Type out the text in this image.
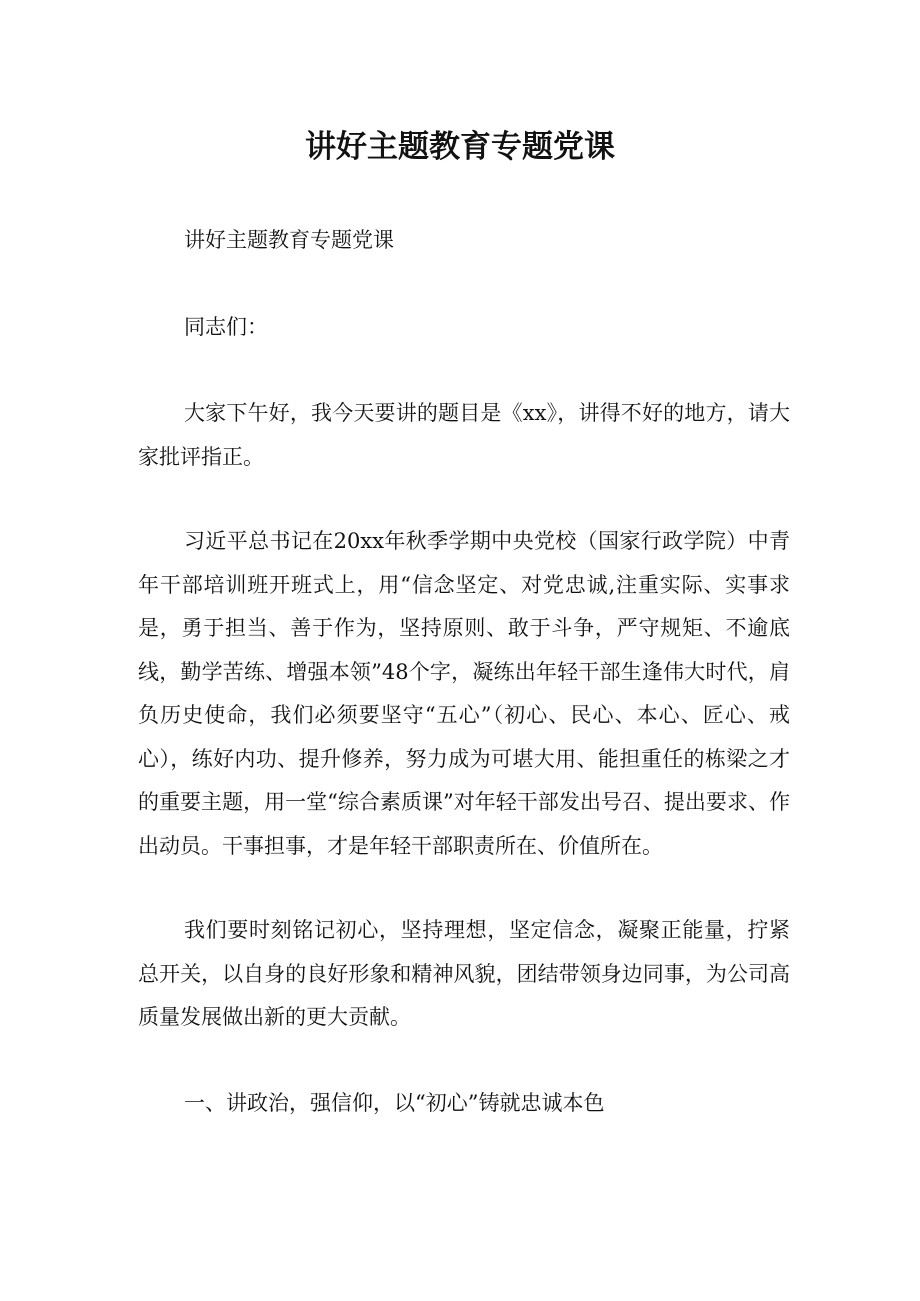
讲好主题教育专题党课

讲好主题教育专题党课

同志们：

大家下午好，我今天要讲的题目是《xx》，讲得不好的地方，请大家批评指正。

习近平总书记在20xx年秋季学期中央党校（国家行政学院）中青年干部培训班开班式上，用“信念坚定、对党忠诚,注重实际、实事求是，勇于担当、善于作为，坚持原则、敢于斗争，严守规矩、不逾底线，勤学苦练、增强本领”48个字，凝练出年轻干部生逢伟大时代，肩负历史使命，我们必须要坚守“五心”（初心、民心、本心、匠心、戒心），练好内功、提升修养，努力成为可堪大用、能担重任的栋梁之才的重要主题，用一堂“综合素质课”对年轻干部发出号召、提出要求、作出动员。干事担事，才是年轻干部职责所在、价值所在。

我们要时刻铭记初心，坚持理想，坚定信念，凝聚正能量，拧紧总开关，以自身的良好形象和精神风貌，团结带领身边同事，为公司高质量发展做出新的更大贡献。

一、讲政治，强信仰，以“初心”铸就忠诚本色
